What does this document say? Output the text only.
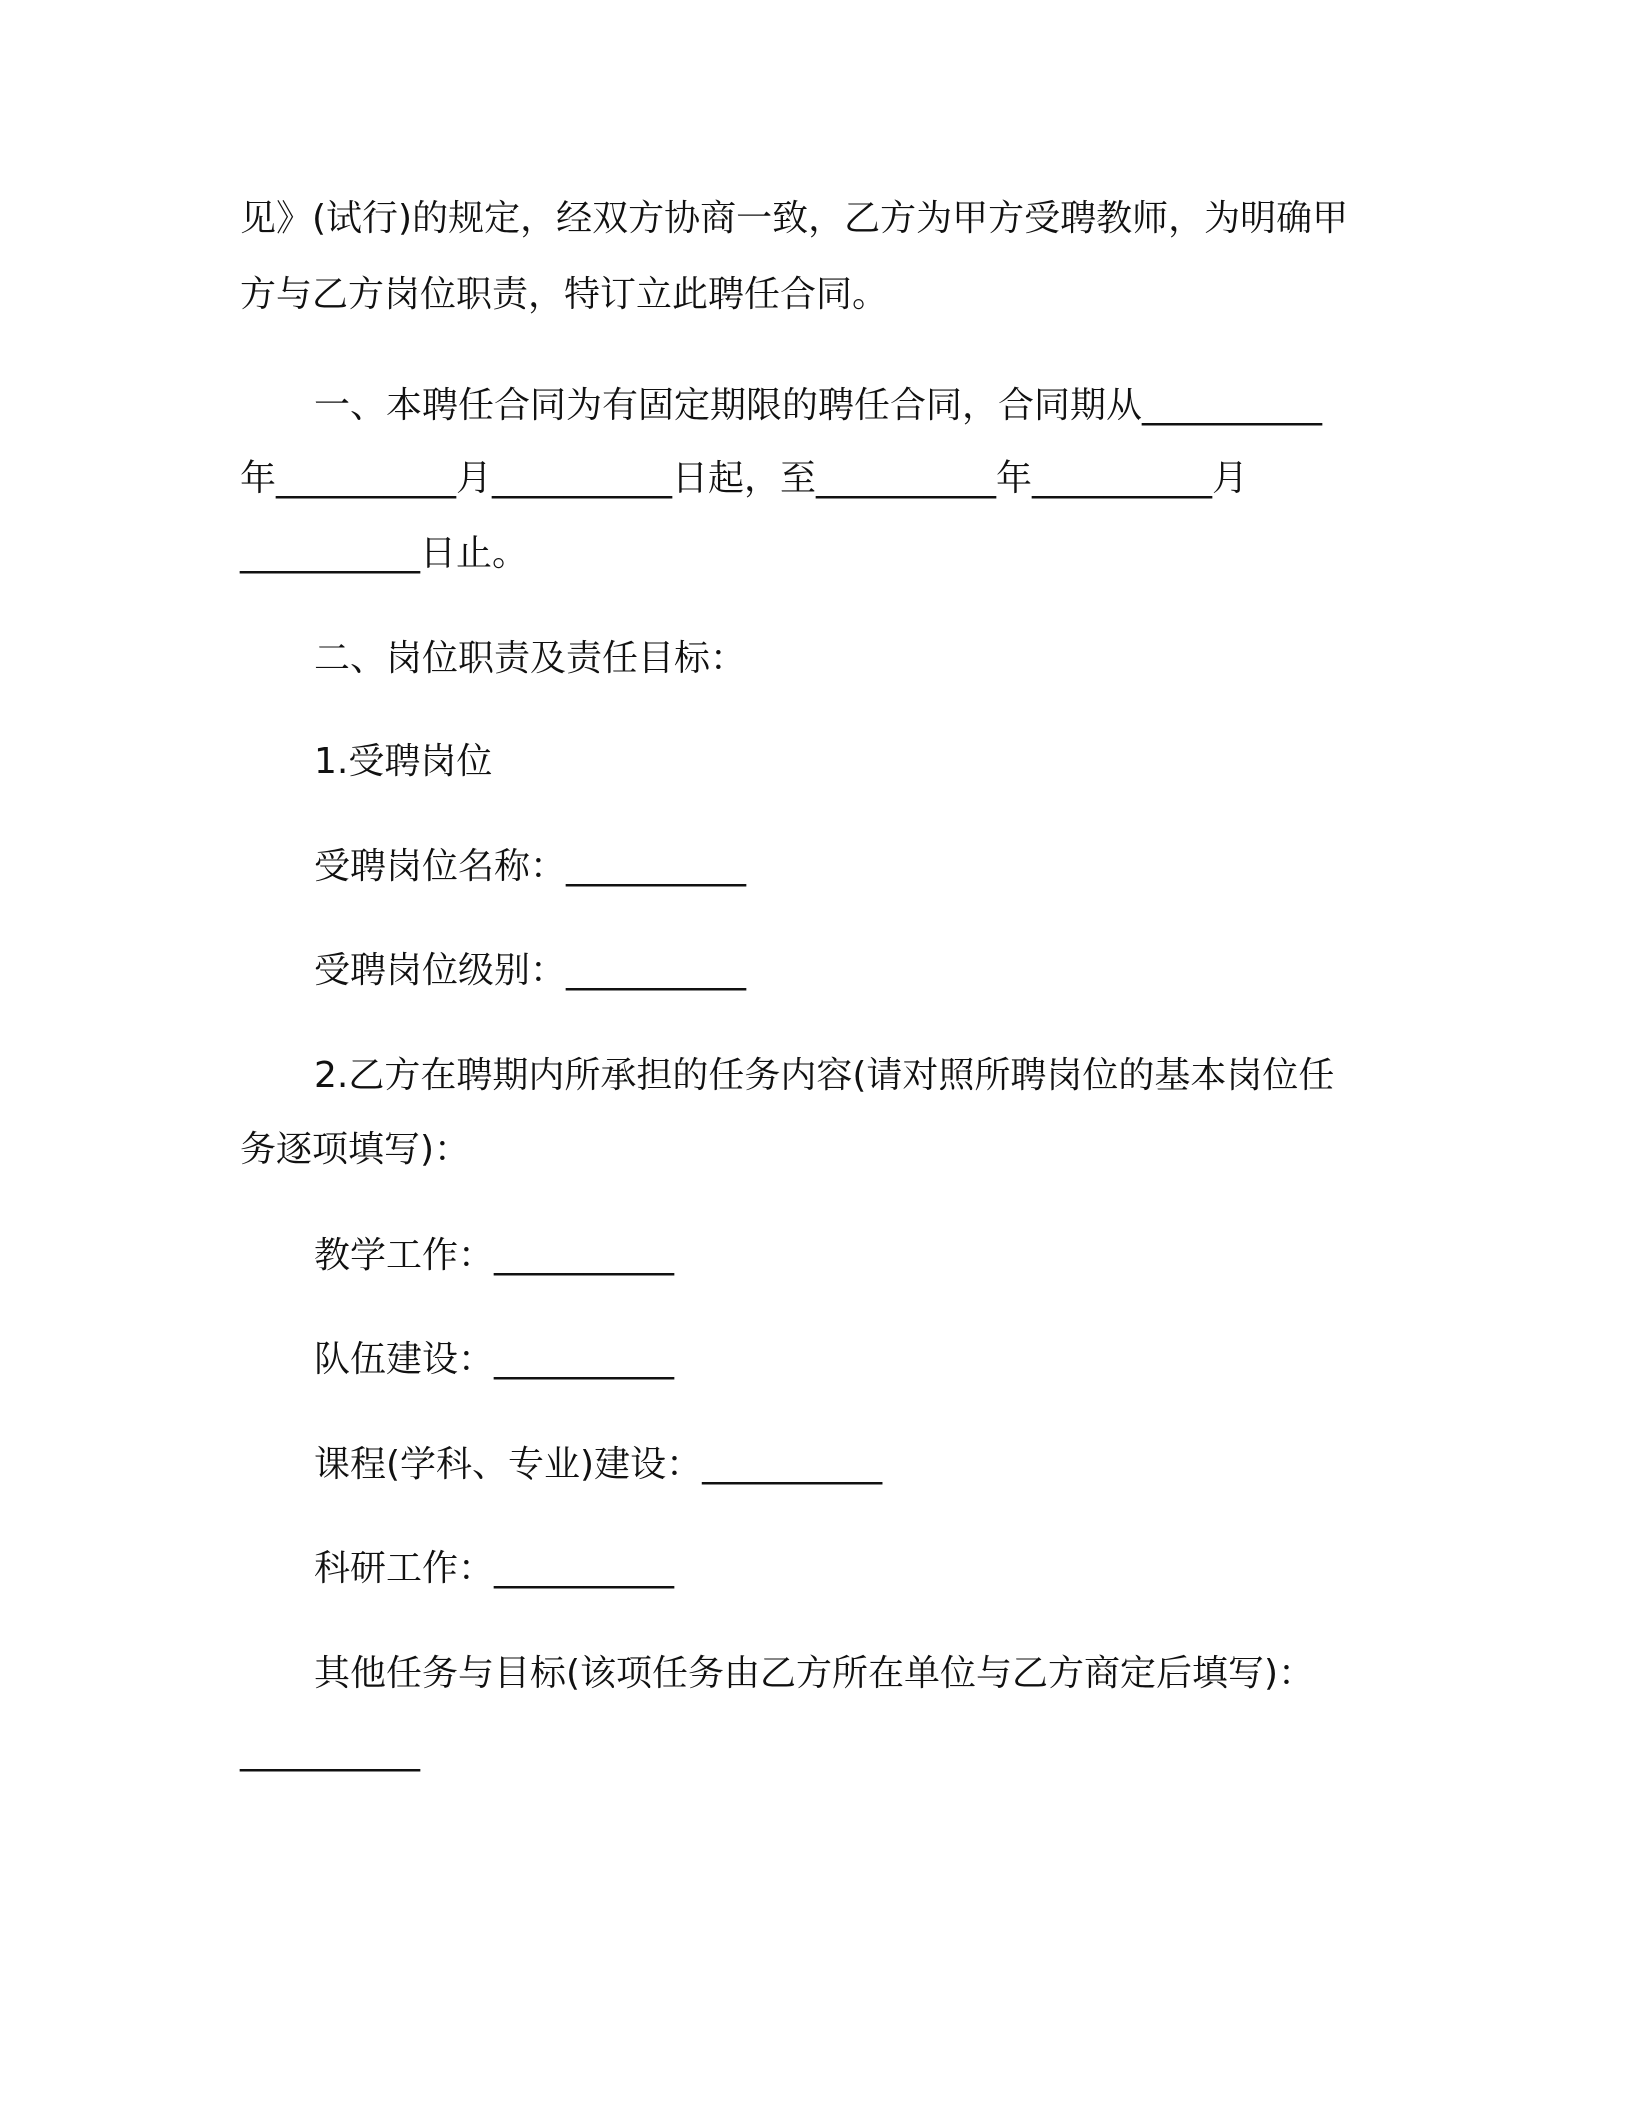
见》(试行)的规定，经双方协商一致，乙方为甲方受聘教师，为明确甲
方与乙方岗位职责，特订立此聘任合同。
一、本聘任合同为有固定期限的聘任合同，合同期从__________
年__________月__________日起，至__________年__________月
__________日止。
二、岗位职责及责任目标：
1.受聘岗位
受聘岗位名称：__________
受聘岗位级别：__________
2.乙方在聘期内所承担的任务内容(请对照所聘岗位的基本岗位任
务逐项填写)：
教学工作：__________
队伍建设：__________
课程(学科、专业)建设：__________
科研工作：__________
其他任务与目标(该项任务由乙方所在单位与乙方商定后填写)：
__________
